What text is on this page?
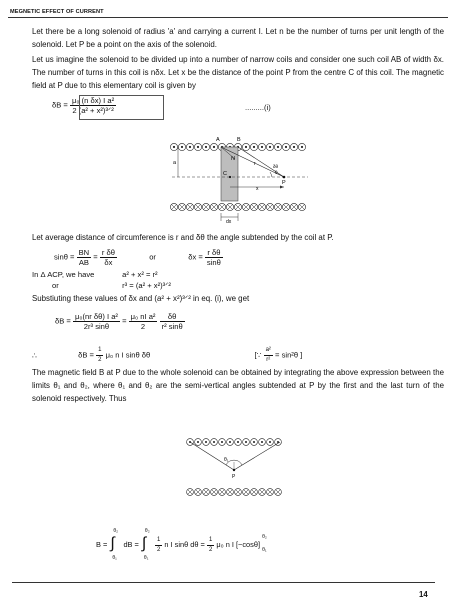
MEGNETIC EFFECT OF CURRENT
Let there be a long solenoid of radius 'a' and carrying a current I. Let n be the number of turns per unit length of the solenoid. Let P be a point on the axis of the solenoid.
Let us imagine the solenoid to be divided up into a number of narrow coils and consider one such coil AB of width δx. The number of turns in this coil is nδx. Let x be the distance of the point P from the centre C of this coil. The magnetic field at P due to this elementary coil is given by
$\delta B = \frac{\text{μ₀ (n δx) I a²}}{\text{2 (a² + x²)³ᐟ²}}$	.........(i)
A	B
a
N
C
P
θ
δθ
r
x
dx
Let average distance of circumference is r and δθ the angle subtended by the coil at P.
$\sin\theta = \frac{BN}{AB} = \frac{\text{r δθ}}{\delta x}$	or	$\delta x = \frac{\text{r δθ}}{\sin\theta}$
In Δ ACP, we have	a² + x² = r²
or	r³ = (a² + x²)³ᐟ²
Substiuting these values of δx and (a² + x²)³ᐟ² in eq. (i), we get
$\delta B = \frac{\text{μ₀(nr δθ) I a²}}{\text{2r³ sinθ}} = \frac{\text{μ₀ nI a²}}{2}$
$\frac{\delta\theta}{\text{r² sinθ}}$
∴	$\delta B = \frac{1}{2} \mu_0$ n I sinθ δθ	[∵ $\frac{\text{a²}}{\text{r²}} = \sin^2\theta$ ]
The magnetic field B at P due to the whole solenoid can be obtained by integrating the above expression between the limits θ₁ and θ₂, where θ₁ and θ₂ are the semi-vertical angles subtended at P by the first and the last turn of the solenoid respectively. Thus
θ₁
P
B =
θ₂
∫
θ₁
dB =
θ₂
∫
θ₁

$\frac{1}{2}$ n I sinθ $d\theta = \frac{1}{2} \mu_0$ n I [−cosθ]
θ₂
θ₁
14
